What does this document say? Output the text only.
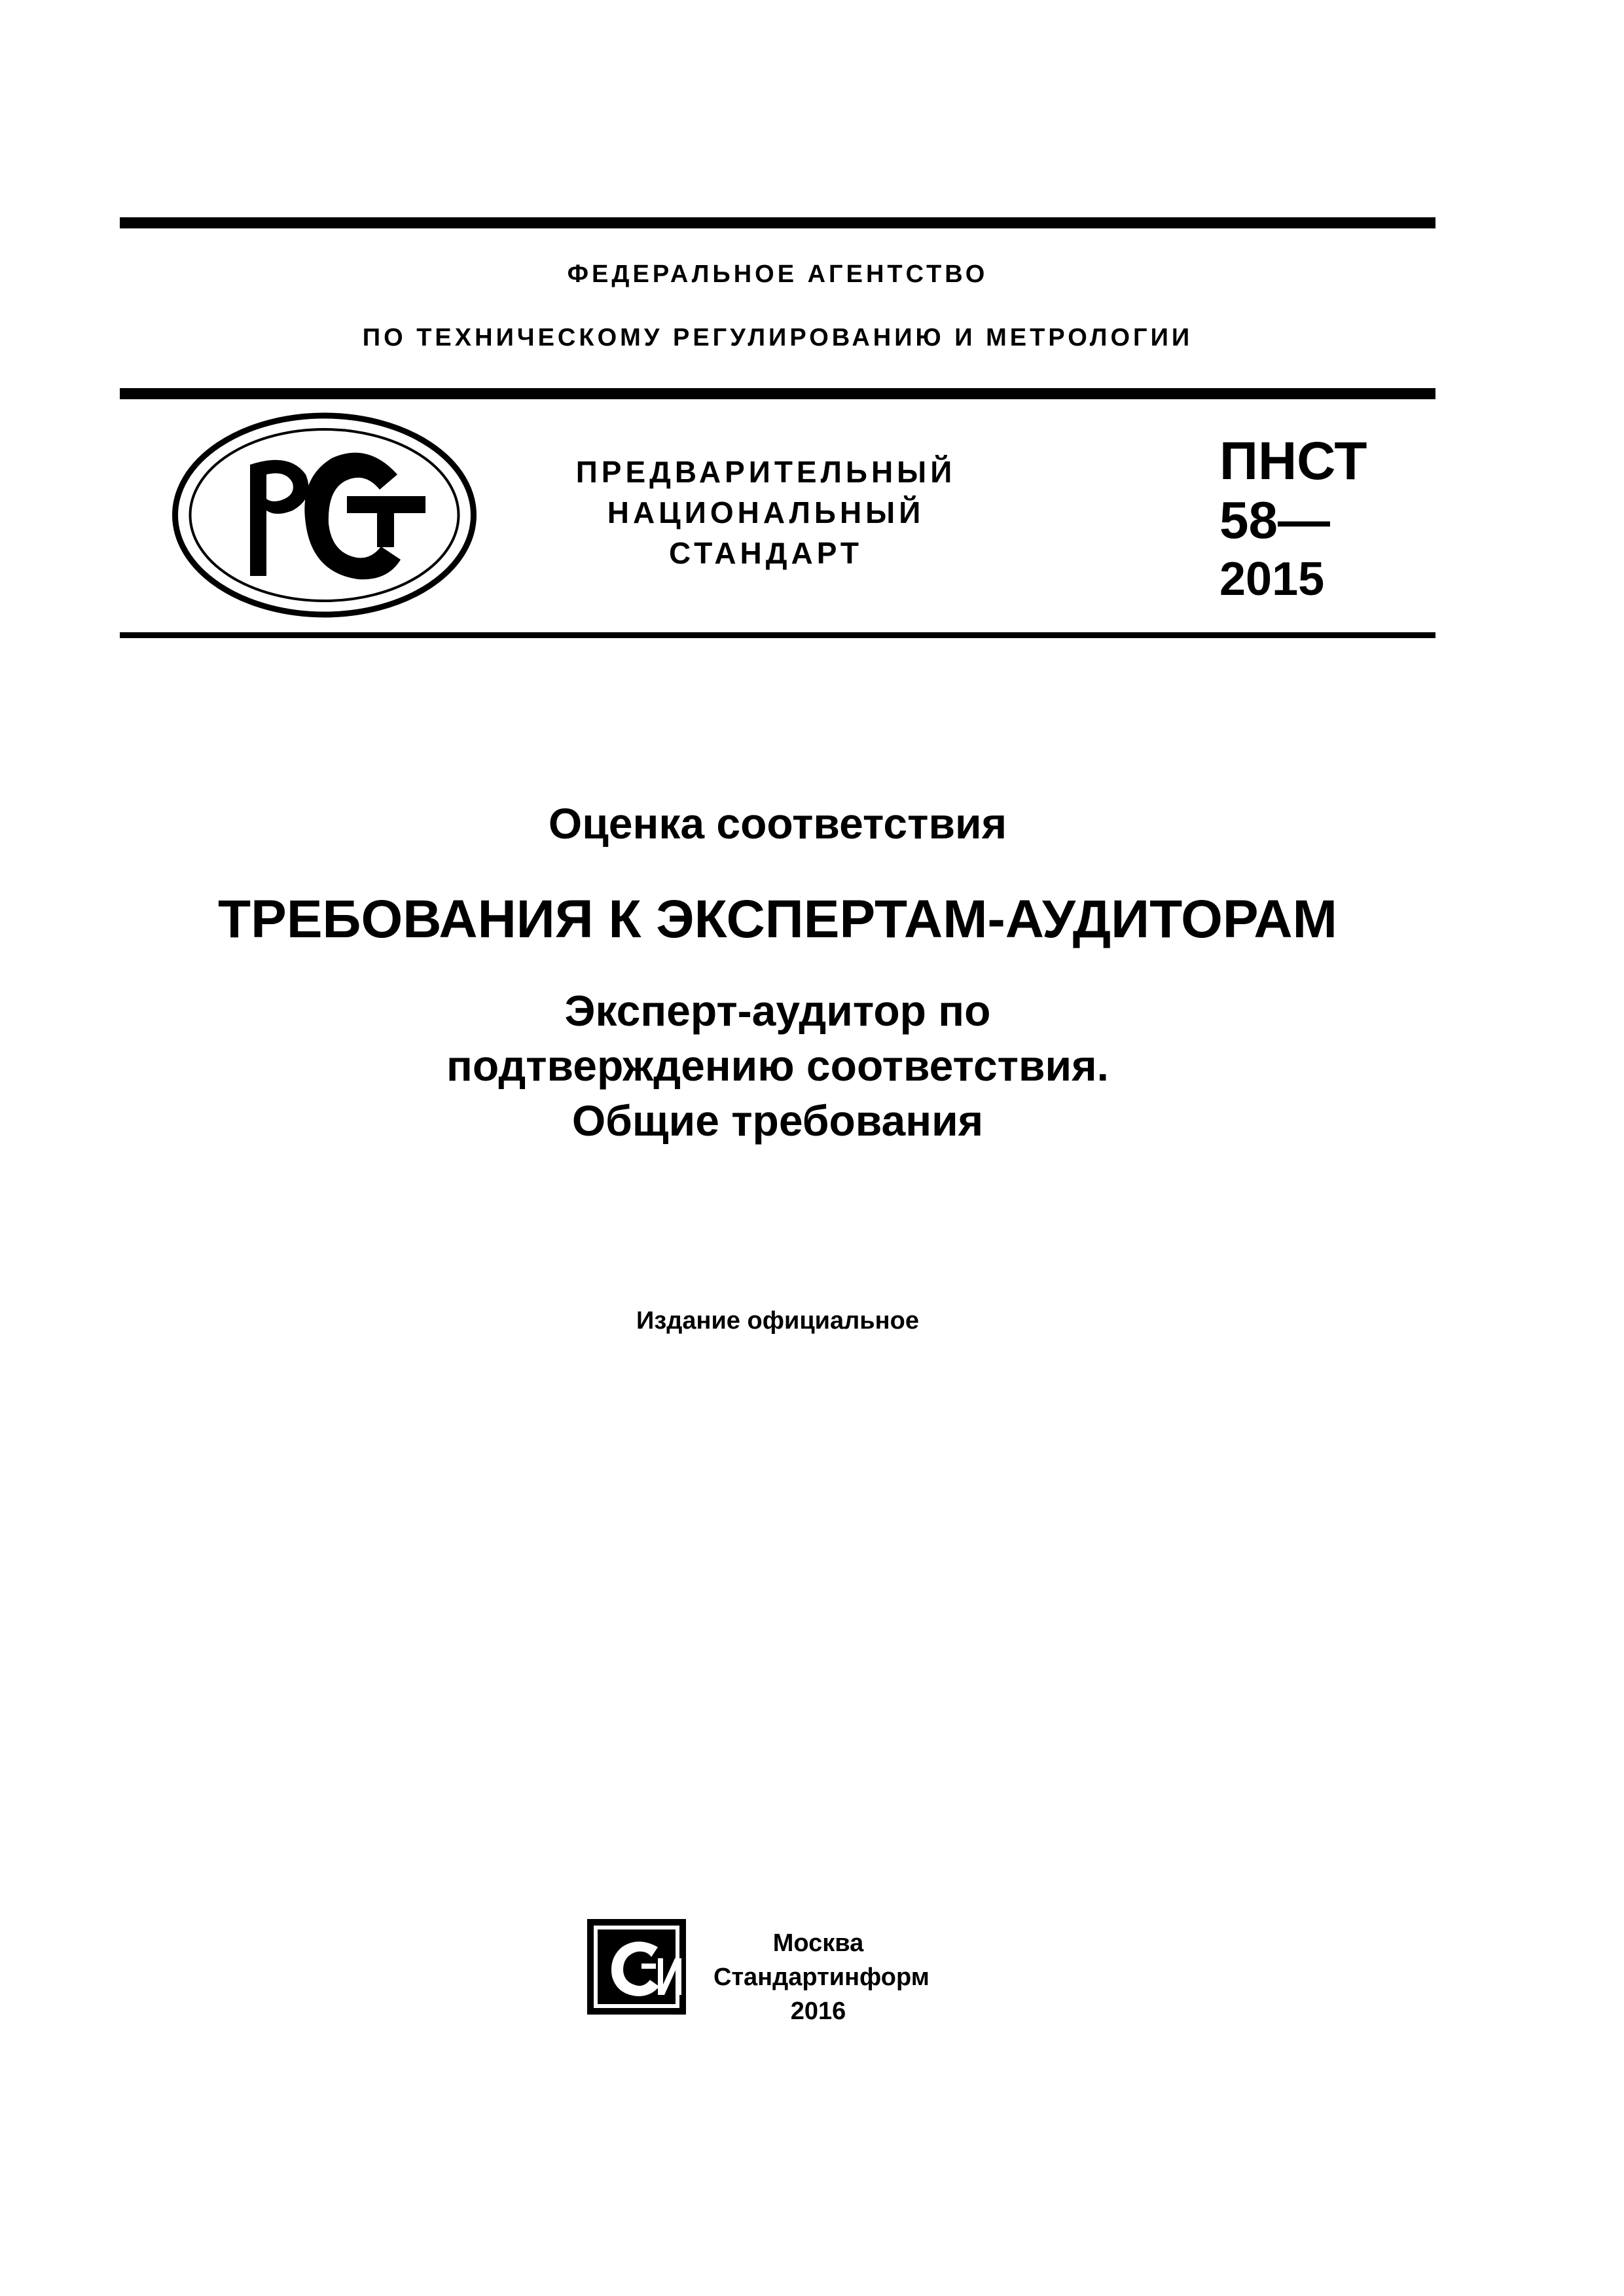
ФЕДЕРАЛЬНОЕ АГЕНТСТВО
ПО ТЕХНИЧЕСКОМУ РЕГУЛИРОВАНИЮ И МЕТРОЛОГИИ
ПРЕДВАРИТЕЛЬНЫЙ
НАЦИОНАЛЬНЫЙ
СТАНДАРТ
ПНСТ
58—
2015
Оценка соответствия
ТРЕБОВАНИЯ К ЭКСПЕРТАМ-АУДИТОРАМ
Эксперт-аудитор по
подтверждению соответствия.
Общие требования
Издание официальное
Москва
Стандартинформ
2016
